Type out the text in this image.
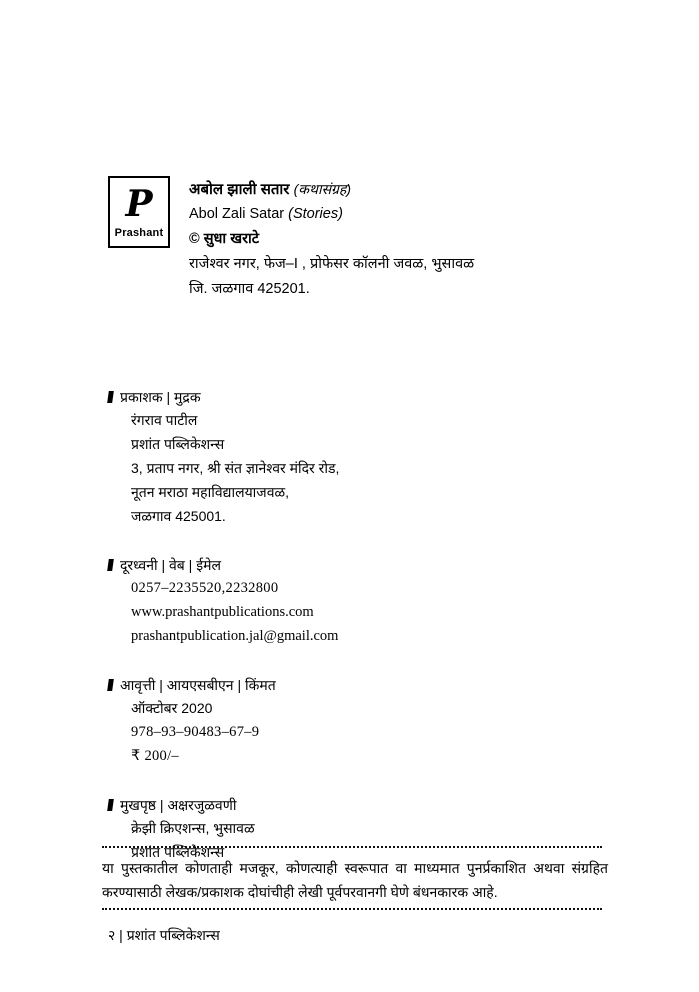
P
Prashant
अबोल झाली सतार (कथासंग्रह)
Abol Zali Satar (Stories)
© सुधा खराटे
राजेश्वर नगर, फेज–I , प्रोफेसर कॉलनी जवळ, भुसावळ
जि. जळगाव 425201.
प्रकाशक | मुद्रक
रंगराव पाटील
प्रशांत पब्लिकेशन्स
3, प्रताप नगर, श्री संत ज्ञानेश्वर मंदिर रोड,
नूतन मराठा महाविद्यालयाजवळ,
जळगाव 425001.
दूरध्वनी | वेब | ईमेल
0257–2235520,2232800
www.prashantpublications.com
prashantpublication.jal@gmail.com
आवृत्ती | आयएसबीएन | किंमत
ऑक्टोबर 2020
978–93–90483–67–9
₹ 200/–
मुखपृष्ठ | अक्षरजुळवणी
क्रेझी क्रिएशन्स, भुसावळ
प्रशांत पब्लिकेशन्स
या पुस्तकातील कोणताही मजकूर, कोणत्याही स्वरूपात वा माध्यमात पुनर्प्रकाशित अथवा संग्रहित करण्यासाठी लेखक/प्रकाशक दोघांचीही लेखी पूर्वपरवानगी घेणे बंधनकारक आहे.
२ | प्रशांत पब्लिकेशन्स
